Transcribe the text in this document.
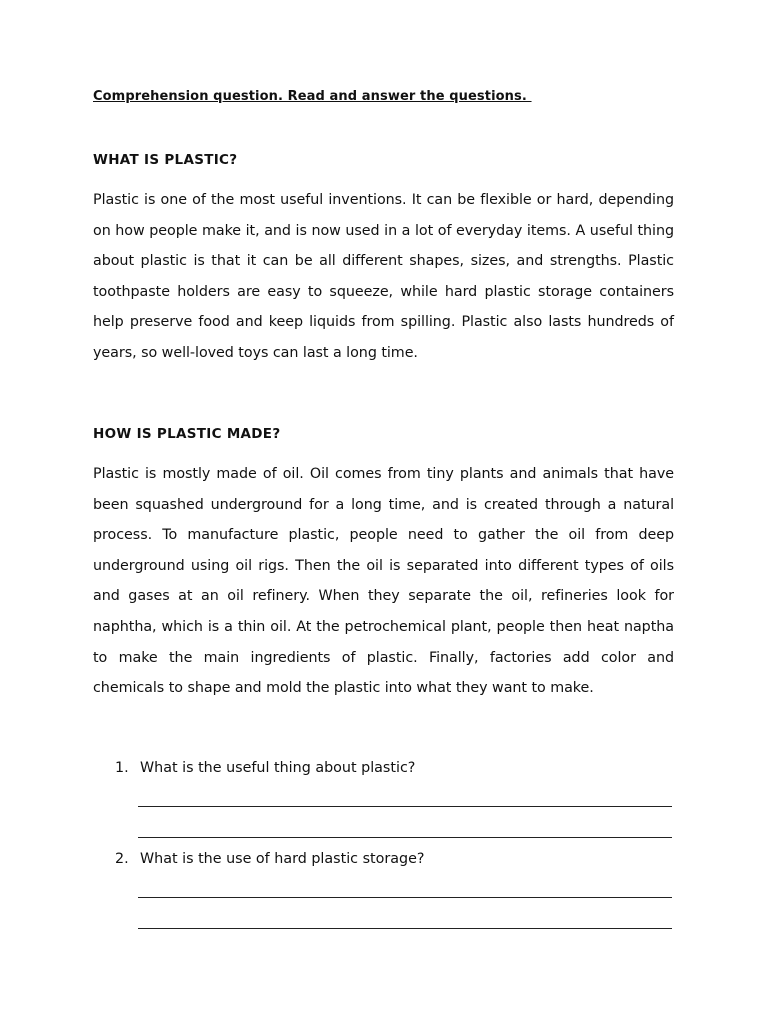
Comprehension question. Read and answer the questions.
WHAT IS PLASTIC?
Plastic is one of the most useful inventions. It can be flexible or hard, depending on how people make it, and is now used in a lot of everyday items. A useful thing about plastic is that it can be all different shapes, sizes, and strengths. Plastic toothpaste holders are easy to squeeze, while hard plastic storage containers help preserve food and keep liquids from spilling. Plastic also lasts hundreds of years, so well-loved toys can last a long time.
HOW IS PLASTIC MADE?
Plastic is mostly made of oil. Oil comes from tiny plants and animals that have been squashed underground for a long time, and is created through a natural process. To manufacture plastic, people need to gather the oil from deep underground using oil rigs. Then the oil is separated into different types of oils and gases at an oil refinery. When they separate the oil, refineries look for naphtha, which is a thin oil. At the petrochemical plant, people then heat naptha to make the main ingredients of plastic. Finally, factories add color and chemicals to shape and mold the plastic into what they want to make.
1. What is the useful thing about plastic?
2. What is the use of hard plastic storage?
